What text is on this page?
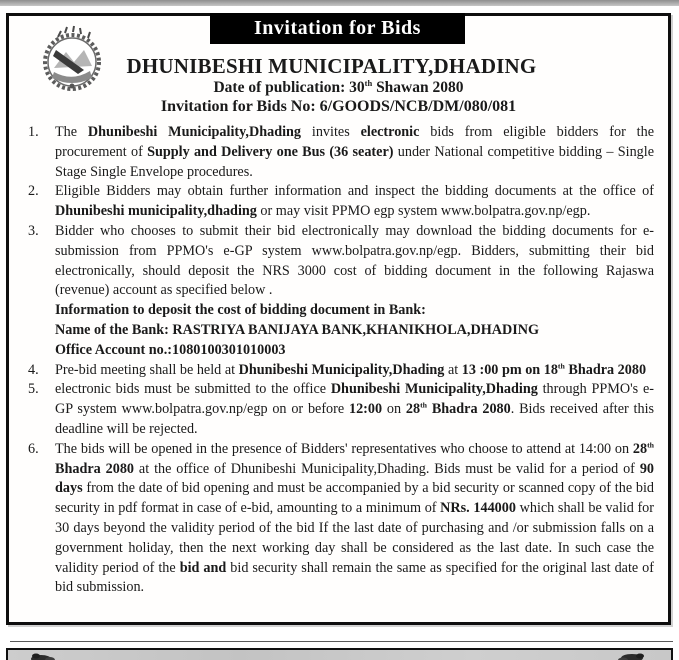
Invitation for Bids
DHUNIBESHI MUNICIPALITY,DHADING
Date of publication: 30th Shawan 2080
Invitation for Bids No: 6/GOODS/NCB/DM/080/081
1.	The Dhunibeshi Municipality,Dhading invites electronic bids from eligible bidders for the procurement of Supply and Delivery one Bus (36 seater) under National competitive bidding – Single Stage Single Envelope procedures.
2.	Eligible Bidders may obtain further information and inspect the bidding documents at the office of Dhunibeshi municipality,dhading or may visit PPMO egp system www.bolpatra.gov.np/egp.
3.	Bidder who chooses to submit their bid electronically may download the bidding documents for e-submission from PPMO's e-GP system www.bolpatra.gov.np/egp. Bidders, submitting their bid electronically, should deposit the NRS 3000 cost of bidding document in the following Rajaswa (revenue) account as specified below .
Information to deposit the cost of bidding document in Bank:
Name of the Bank: RASTRIYA BANIJAYA BANK,KHANIKHOLA,DHADING
Office Account no.:1080100301010003
4.	Pre-bid meeting shall be held at Dhunibeshi Municipality,Dhading at 13 :00 pm on 18th Bhadra 2080
5.	electronic bids must be submitted to the office Dhunibeshi Municipality,Dhading through PPMO's e-GP system www.bolpatra.gov.np/egp on or before 12:00 on 28th Bhadra 2080. Bids received after this deadline will be rejected.
6.	The bids will be opened in the presence of Bidders' representatives who choose to attend at 14:00 on 28th Bhadra 2080 at the office of Dhunibeshi Municipality,Dhading. Bids must be valid for a period of 90 days from the date of bid opening and must be accompanied by a bid security or scanned copy of the bid security in pdf format in case of e-bid, amounting to a minimum of NRs. 144000 which shall be valid for 30 days beyond the validity period of the bid If the last date of purchasing and /or submission falls on a government holiday, then the next working day shall be considered as the last date. In such case the validity period of the bid and bid security shall remain the same as specified for the original last date of bid submission.
